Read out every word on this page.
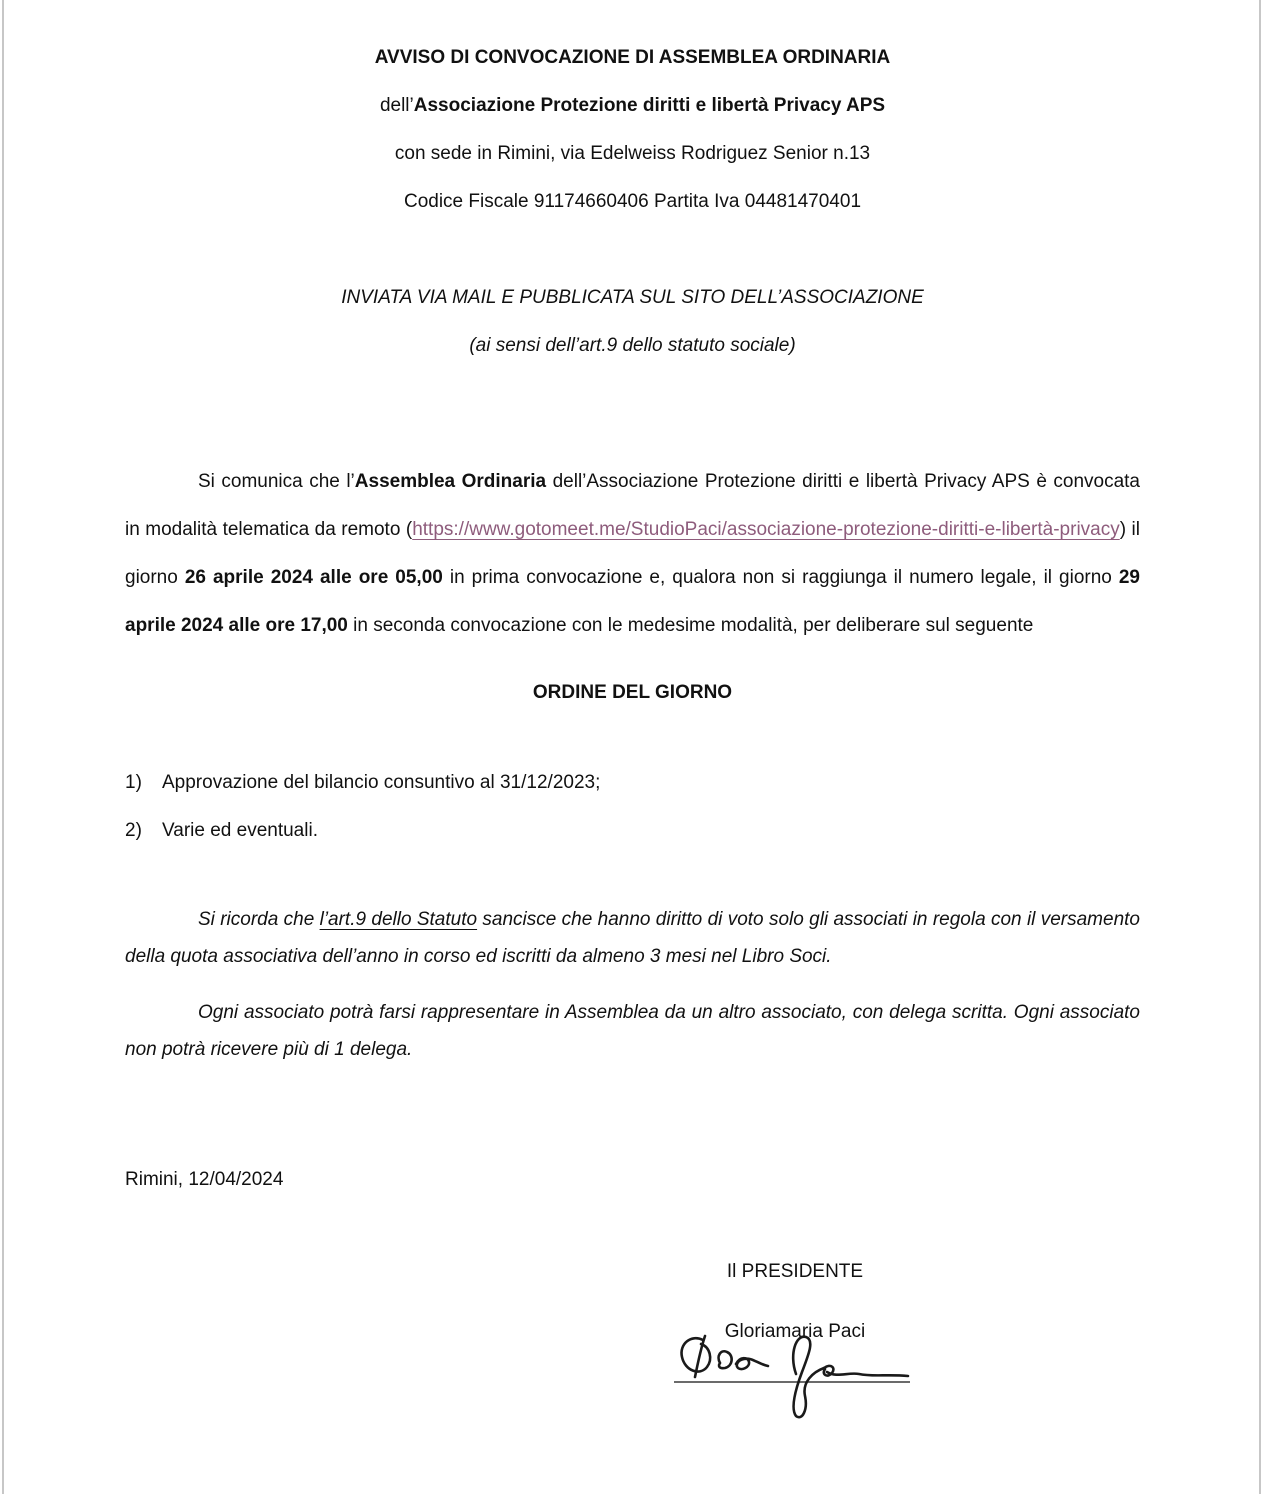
AVVISO DI CONVOCAZIONE DI ASSEMBLEA ORDINARIA
dell’Associazione Protezione diritti e libertà Privacy APS
con sede in Rimini, via Edelweiss Rodriguez Senior n.13
Codice Fiscale 91174660406 Partita Iva 04481470401
INVIATA VIA MAIL E PUBBLICATA SUL SITO DELL’ASSOCIAZIONE
(ai sensi dell’art.9 dello statuto sociale)

Si comunica che l’Assemblea Ordinaria dell’Associazione Protezione diritti e libertà Privacy APS è convocata in modalità telematica da remoto (https://www.gotomeet.me/StudioPaci/associazione-protezione-diritti-e-libertà-privacy) il giorno 26 aprile 2024 alle ore 05,00 in prima convocazione e, qualora non si raggiunga il numero legale, il giorno 29 aprile 2024 alle ore 17,00 in seconda convocazione con le medesime modalità, per deliberare sul seguente

ORDINE DEL GIORNO
1)	Approvazione del bilancio consuntivo al 31/12/2023;
2)	Varie ed eventuali.

Si ricorda che l’art.9 dello Statuto sancisce che hanno diritto di voto solo gli associati in regola con il versamento della quota associativa dell’anno in corso ed iscritti da almeno 3 mesi nel Libro Soci.

Ogni associato potrà farsi rappresentare in Assemblea da un altro associato, con delega scritta. Ogni associato non potrà ricevere più di 1 delega.

Rimini, 12/04/2024
Il PRESIDENTE
Gloriamaria Paci
